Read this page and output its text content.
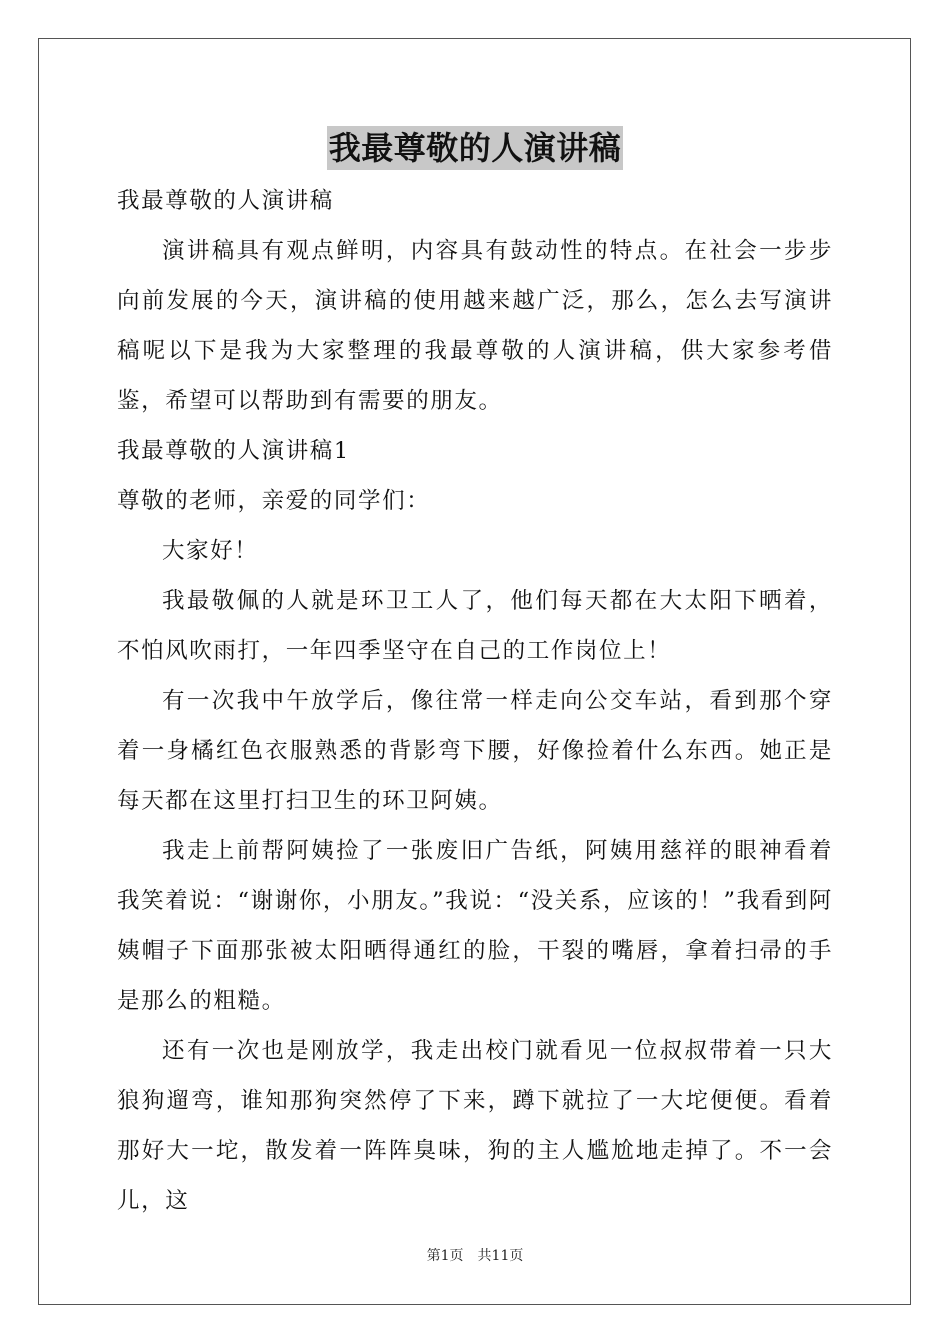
我最尊敬的人演讲稿

我最尊敬的人演讲稿

演讲稿具有观点鲜明，内容具有鼓动性的特点。在社会一步步向前发展的今天，演讲稿的使用越来越广泛，那么，怎么去写演讲稿呢以下是我为大家整理的我最尊敬的人演讲稿，供大家参考借鉴，希望可以帮助到有需要的朋友。

我最尊敬的人演讲稿1

尊敬的老师，亲爱的同学们：

大家好！

我最敬佩的人就是环卫工人了，他们每天都在大太阳下晒着，不怕风吹雨打，一年四季坚守在自己的工作岗位上！

有一次我中午放学后，像往常一样走向公交车站，看到那个穿着一身橘红色衣服熟悉的背影弯下腰，好像捡着什么东西。她正是每天都在这里打扫卫生的环卫阿姨。

我走上前帮阿姨捡了一张废旧广告纸，阿姨用慈祥的眼神看着我笑着说：“谢谢你，小朋友。”我说：“没关系，应该的！”我看到阿姨帽子下面那张被太阳晒得通红的脸，干裂的嘴唇，拿着扫帚的手是那么的粗糙。

还有一次也是刚放学，我走出校门就看见一位叔叔带着一只大狼狗遛弯，谁知那狗突然停了下来，蹲下就拉了一大坨便便。看着那好大一坨，散发着一阵阵臭味，狗的主人尴尬地走掉了。不一会儿，这

第1页 共11页
